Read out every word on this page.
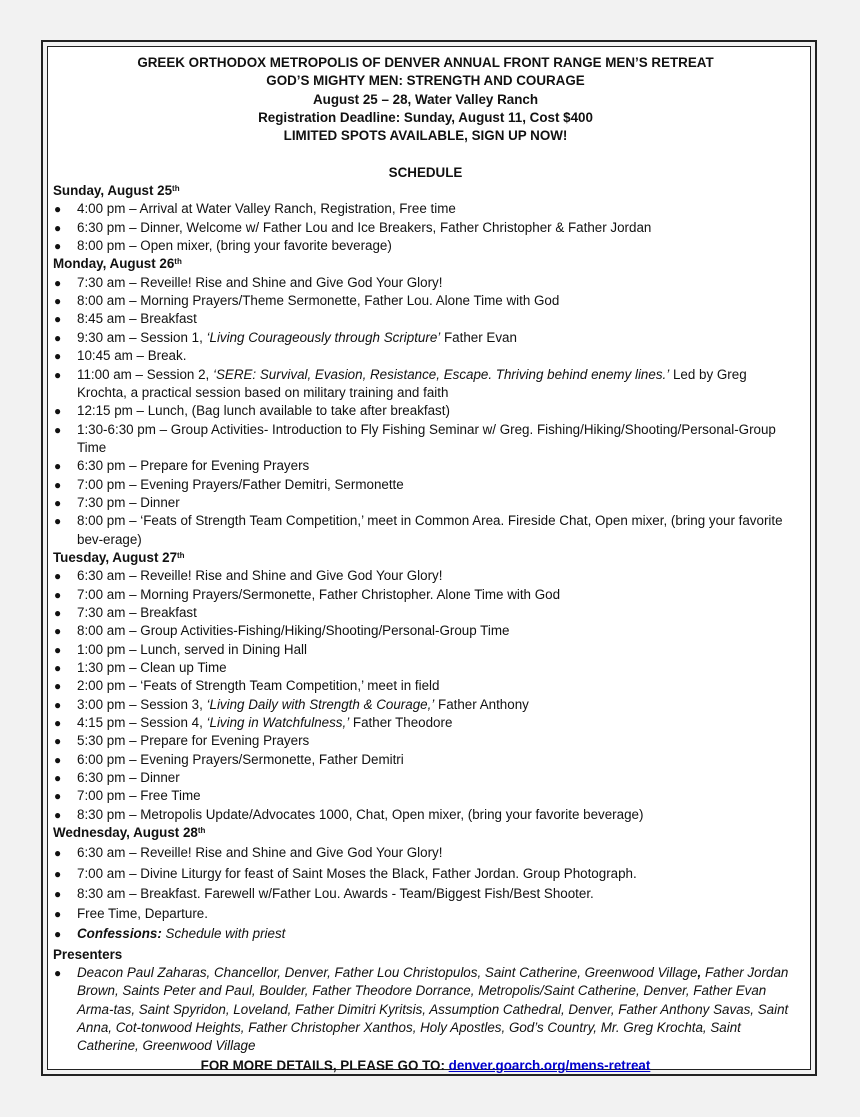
GREEK ORTHODOX METROPOLIS OF DENVER ANNUAL FRONT RANGE MEN’S RETREAT
GOD’S MIGHTY MEN: STRENGTH AND COURAGE
August 25 – 28, Water Valley Ranch
Registration Deadline: Sunday, August 11, Cost $400
LIMITED SPOTS AVAILABLE, SIGN UP NOW!
SCHEDULE
Sunday, August 25th
● 4:00 pm – Arrival at Water Valley Ranch, Registration, Free time
● 6:30 pm – Dinner, Welcome w/ Father Lou and Ice Breakers, Father Christopher & Father Jordan
● 8:00 pm – Open mixer, (bring your favorite beverage)
Monday, August 26th
● 7:30 am – Reveille! Rise and Shine and Give God Your Glory!
● 8:00 am – Morning Prayers/Theme Sermonette, Father Lou. Alone Time with God
● 8:45 am – Breakfast
● 9:30 am – Session 1, ‘Living Courageously through Scripture’ Father Evan
● 10:45 am – Break.
● 11:00 am – Session 2, ‘SERE: Survival, Evasion, Resistance, Escape. Thriving behind enemy lines.’ Led by Greg Krochta, a practical session based on military training and faith
● 12:15 pm – Lunch, (Bag lunch available to take after breakfast)
● 1:30-6:30 pm – Group Activities- Introduction to Fly Fishing Seminar w/ Greg. Fishing/Hiking/Shooting/Personal-Group Time
● 6:30 pm – Prepare for Evening Prayers
● 7:00 pm – Evening Prayers/Father Demitri, Sermonette
● 7:30 pm – Dinner
● 8:00 pm – ‘Feats of Strength Team Competition,’ meet in Common Area. Fireside Chat, Open mixer, (bring your favorite bev-erage)
Tuesday, August 27th
● 6:30 am – Reveille! Rise and Shine and Give God Your Glory!
● 7:00 am – Morning Prayers/Sermonette, Father Christopher. Alone Time with God
● 7:30 am – Breakfast
● 8:00 am – Group Activities-Fishing/Hiking/Shooting/Personal-Group Time
● 1:00 pm – Lunch, served in Dining Hall
● 1:30 pm – Clean up Time
● 2:00 pm – ‘Feats of Strength Team Competition,’ meet in field
● 3:00 pm – Session 3, ‘Living Daily with Strength & Courage,’ Father Anthony
● 4:15 pm – Session 4, ‘Living in Watchfulness,’ Father Theodore
● 5:30 pm – Prepare for Evening Prayers
● 6:00 pm – Evening Prayers/Sermonette, Father Demitri
● 6:30 pm – Dinner
● 7:00 pm – Free Time
● 8:30 pm – Metropolis Update/Advocates 1000, Chat, Open mixer, (bring your favorite beverage)
Wednesday, August 28th
● 6:30 am – Reveille! Rise and Shine and Give God Your Glory!
● 7:00 am – Divine Liturgy for feast of Saint Moses the Black, Father Jordan. Group Photograph.
● 8:30 am – Breakfast. Farewell w/Father Lou. Awards - Team/Biggest Fish/Best Shooter.
● Free Time, Departure.
● Confessions: Schedule with priest
Presenters
● Deacon Paul Zaharas, Chancellor, Denver, Father Lou Christopulos, Saint Catherine, Greenwood Village, Father Jordan Brown, Saints Peter and Paul, Boulder, Father Theodore Dorrance, Metropolis/Saint Catherine, Denver, Father Evan Arma-tas, Saint Spyridon, Loveland, Father Dimitri Kyritsis, Assumption Cathedral, Denver, Father Anthony Savas, Saint Anna, Cot-tonwood Heights, Father Christopher Xanthos, Holy Apostles, God’s Country, Mr. Greg Krochta, Saint Catherine, Greenwood Village
FOR MORE DETAILS, PLEASE GO TO: denver.goarch.org/mens-retreat
